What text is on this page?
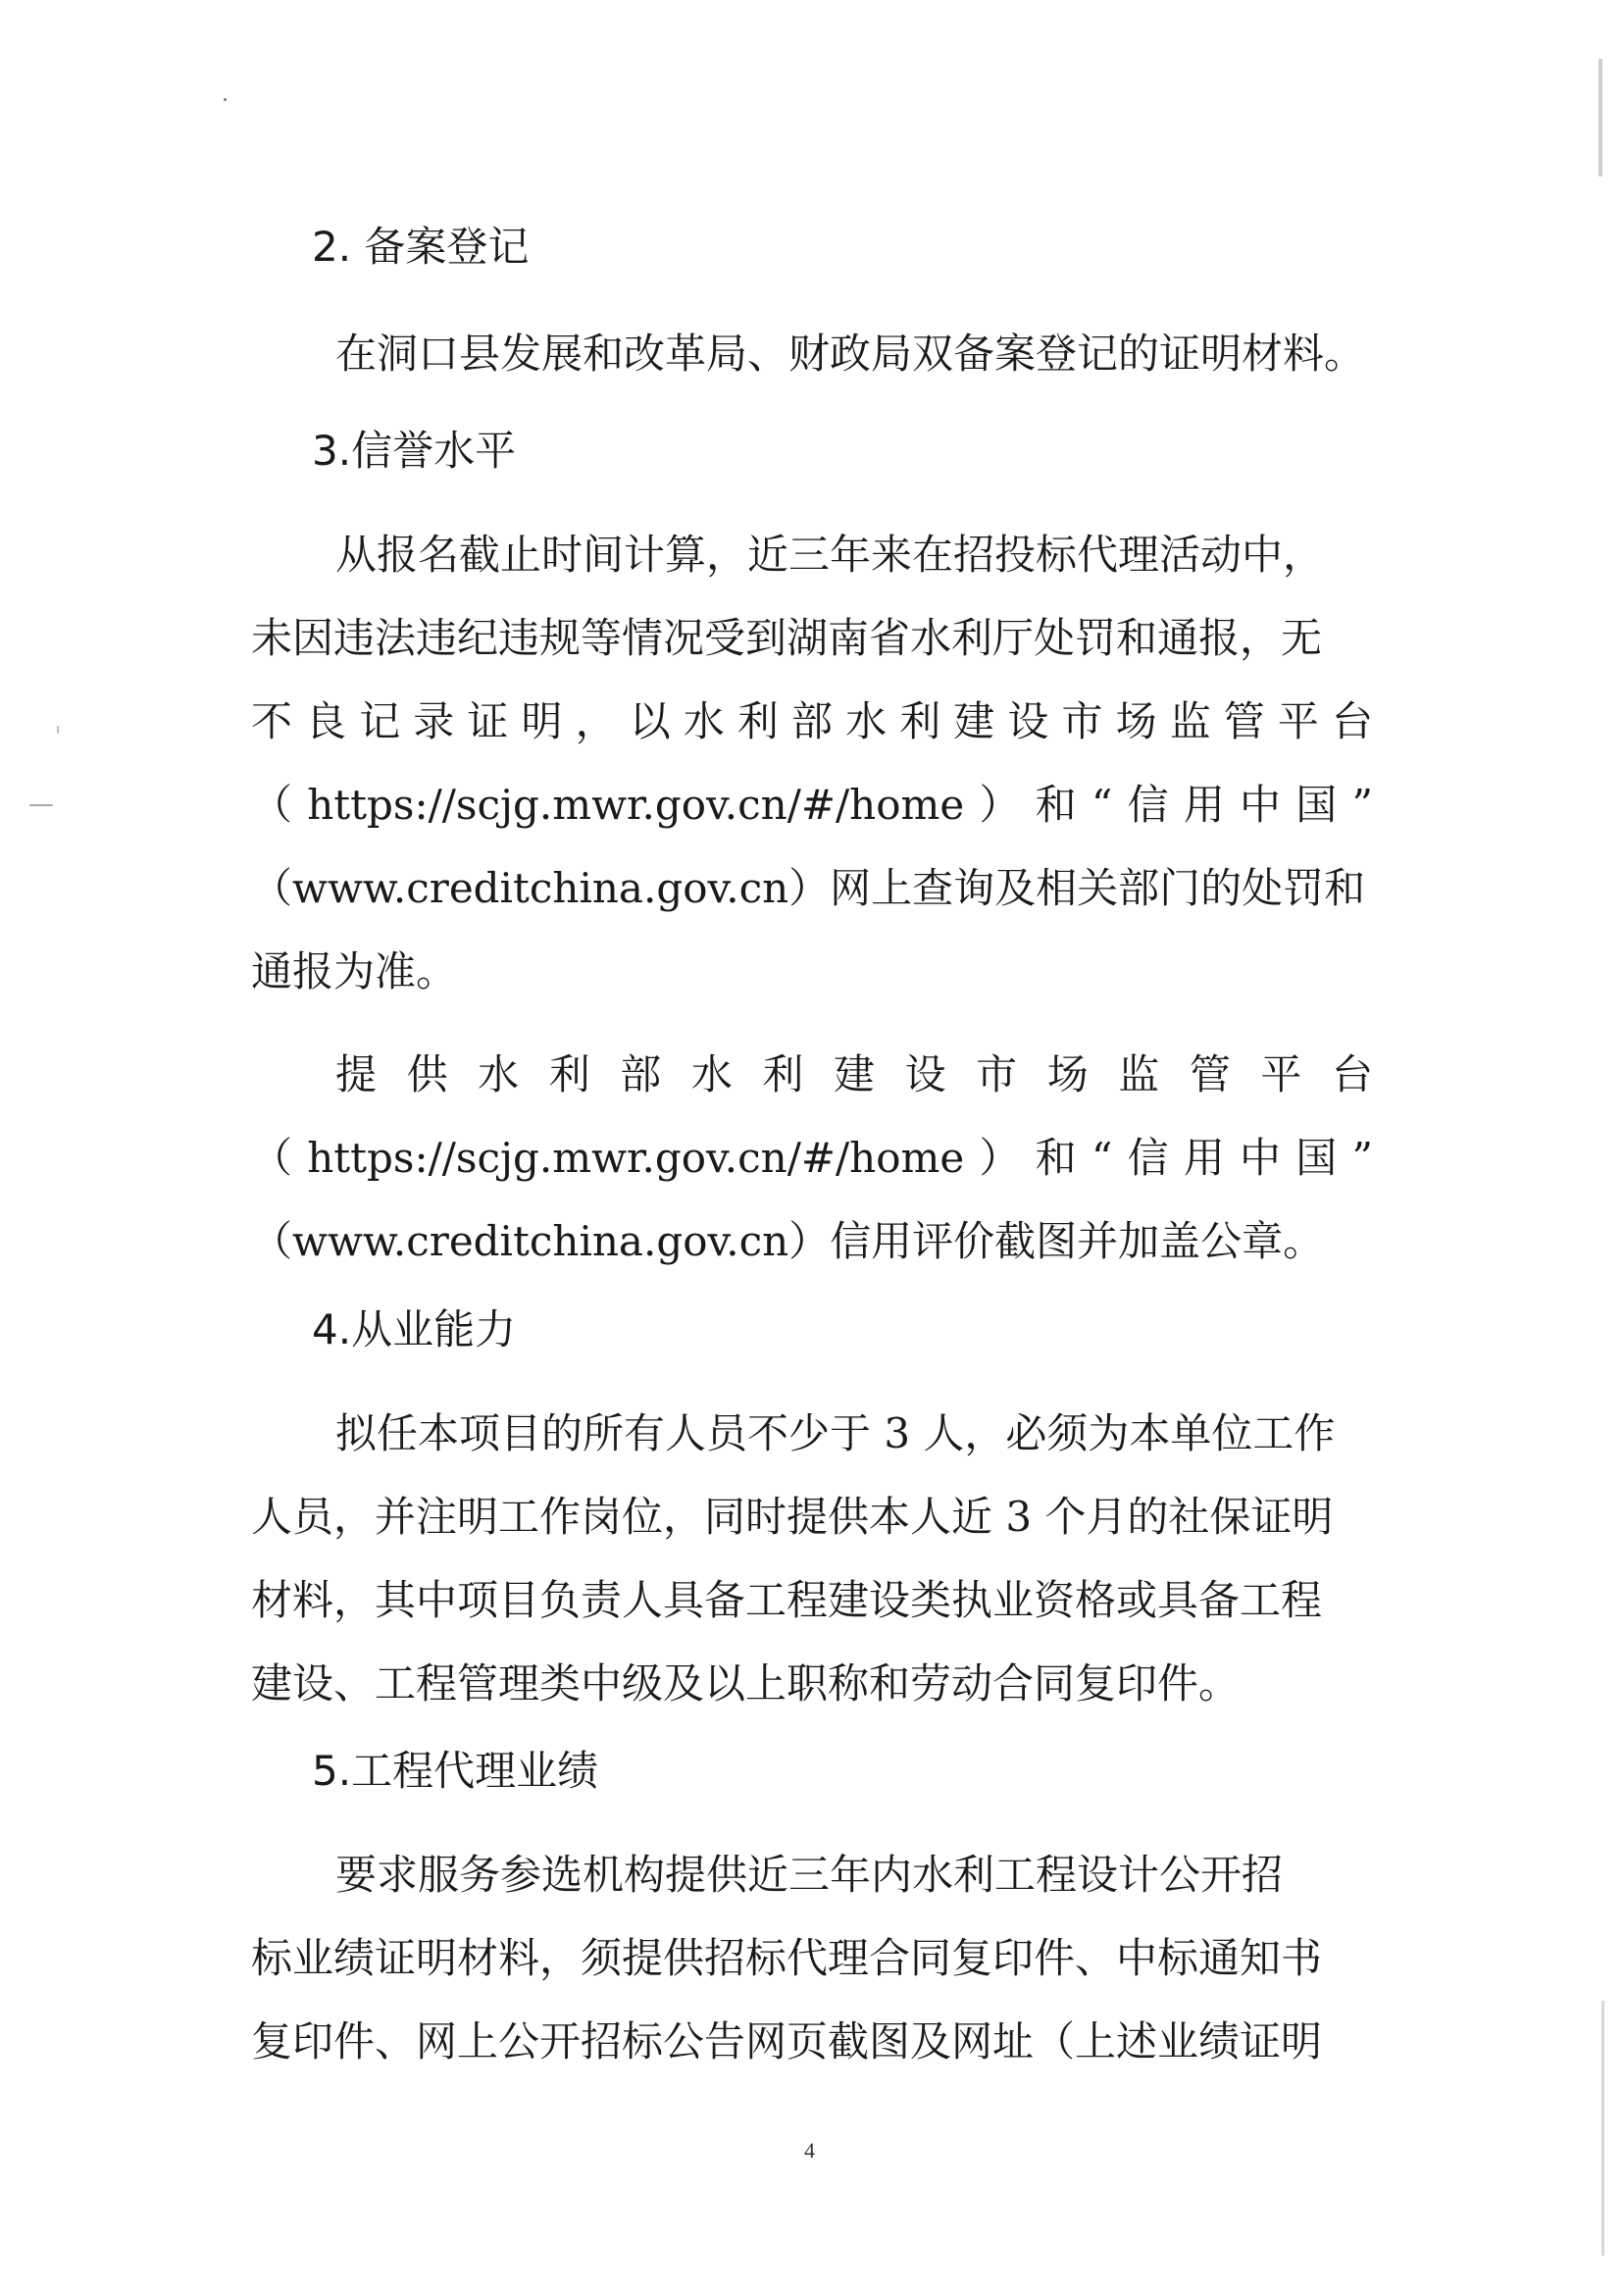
2. 备案登记

在洞口县发展和改革局、财政局双备案登记的证明材料。

3.信誉水平

从报名截止时间计算，近三年来在招投标代理活动中，

未因违法违纪违规等情况受到湖南省水利厅处罚和通报，无

不良记录证明，以水利部水利建设市场监管平台

（https://scjg.mwr.gov.cn/#/home）和“信用中国”

（www.creditchina.gov.cn）网上查询及相关部门的处罚和

通报为准。

提供水利部水利建设市场监管平台

（https://scjg.mwr.gov.cn/#/home）和“信用中国”

（www.creditchina.gov.cn）信用评价截图并加盖公章。

4.从业能力

拟任本项目的所有人员不少于 3 人，必须为本单位工作

人员，并注明工作岗位，同时提供本人近 3 个月的社保证明

材料，其中项目负责人具备工程建设类执业资格或具备工程

建设、工程管理类中级及以上职称和劳动合同复印件。

5.工程代理业绩

要求服务参选机构提供近三年内水利工程设计公开招

标业绩证明材料，须提供招标代理合同复印件、中标通知书

复印件、网上公开招标公告网页截图及网址（上述业绩证明

4
